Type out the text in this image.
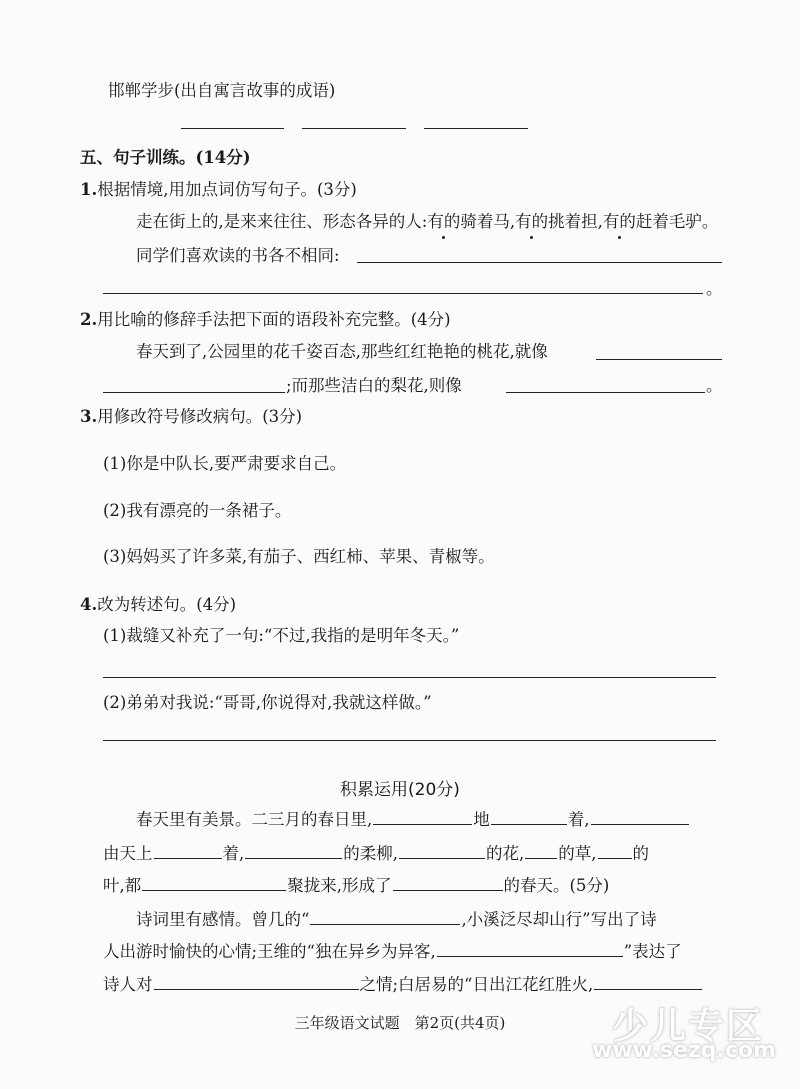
邯郸学步(出自寓言故事的成语)
五、句子训练。(14分)
1.根据情境,用加点词仿写句子。(3分)
走在街上的,是来来往往、形态各异的人:有的骑着马,有的挑着担,有的赶着毛驴。
同学们喜欢读的书各不相同:
。
2.用比喻的修辞手法把下面的语段补充完整。(4分)
春天到了,公园里的花千姿百态,那些红红艳艳的桃花,就像
;而那些洁白的梨花,则像	。
3.用修改符号修改病句。(3分)
(1)你是中队长,要严肃要求自己。
(2)我有漂亮的一条裙子。
(3)妈妈买了许多菜,有茄子、西红柿、苹果、青椒等。
4.改为转述句。(4分)
(1)裁缝又补充了一句:“不过,我指的是明年冬天。”
(2)弟弟对我说:“哥哥,你说得对,我就这样做。”
积累运用(20分)
春天里有美景。二三月的春日里,	地	着,
由天上	着,	的柔柳,	的花, 的草, 的
叶,都	聚拢来,形成了	的春天。(5分)
诗词里有感情。曾几的“	,小溪泛尽却山行”写出了诗
人出游时愉快的心情;王维的“独在异乡为异客,	”表达了
诗人对	之情;白居易的“日出江花红胜火,
三年级语文试题　第2页(共4页)	少儿专区
www.sezq.com
